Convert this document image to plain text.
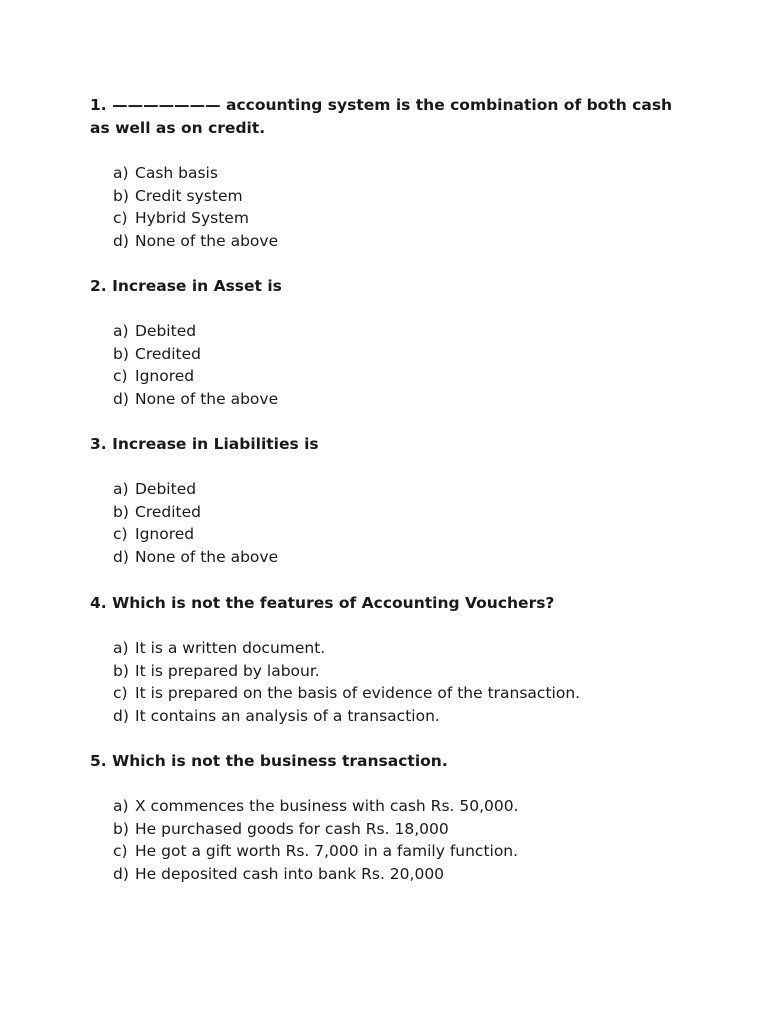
1. ——————— accounting system is the combination of both cash as well as on credit.

a) Cash basis
b) Credit system
c) Hybrid System
d) None of the above

2. Increase in Asset is

a) Debited
b) Credited
c) Ignored
d) None of the above

3. Increase in Liabilities is

a) Debited
b) Credited
c) Ignored
d) None of the above

4. Which is not the features of Accounting Vouchers?

a) It is a written document.
b) It is prepared by labour.
c) It is prepared on the basis of evidence of the transaction.
d) It contains an analysis of a transaction.

5. Which is not the business transaction.

a) X commences the business with cash Rs. 50,000.
b) He purchased goods for cash Rs. 18,000
c) He got a gift worth Rs. 7,000 in a family function.
d) He deposited cash into bank Rs. 20,000
